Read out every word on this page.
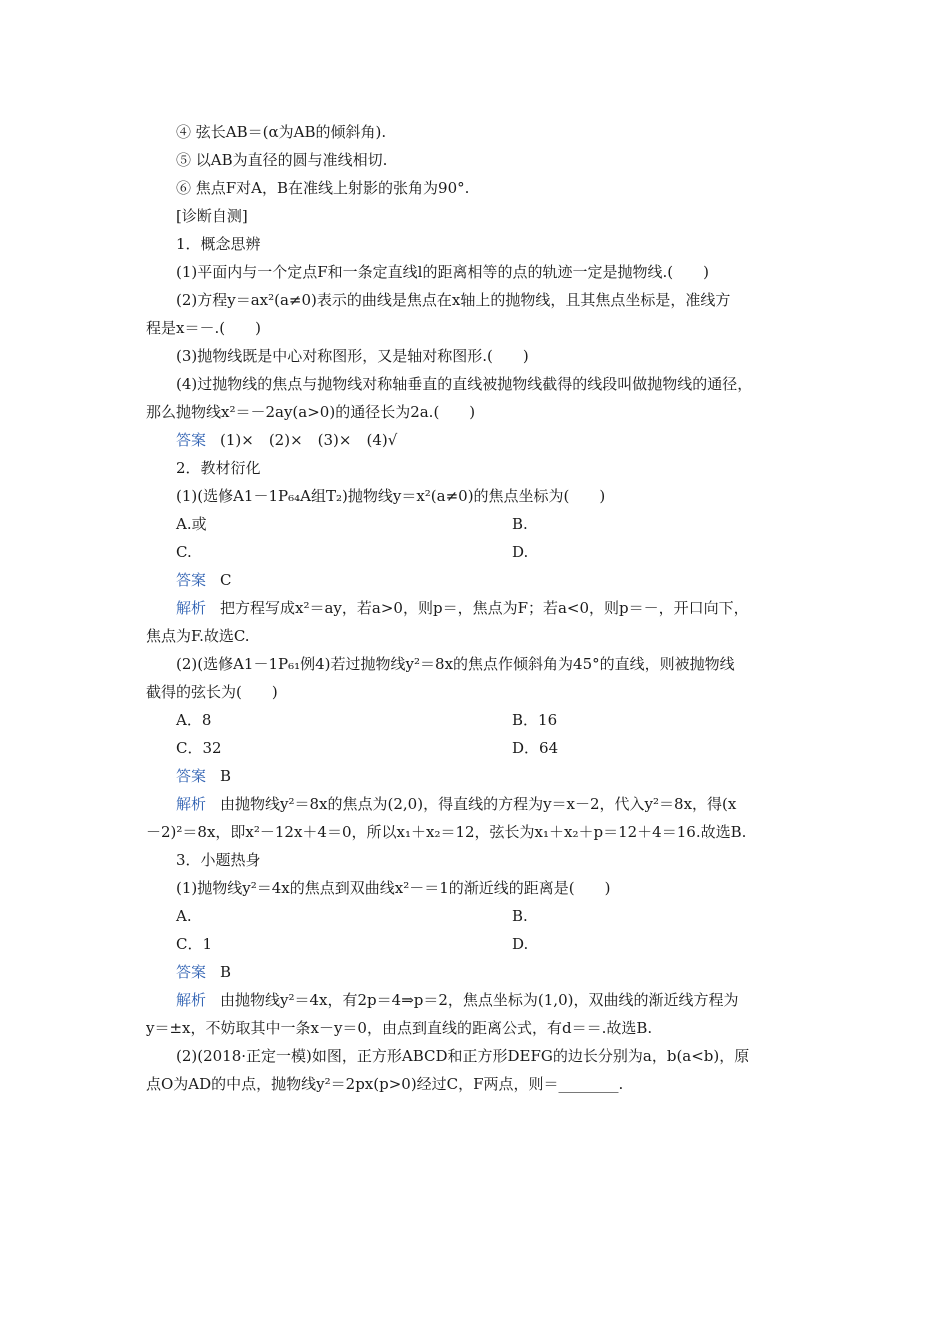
④ 弦长AB＝(α为AB的倾斜角).
⑤ 以AB为直径的圆与准线相切.
⑥ 焦点F对A，B在准线上射影的张角为90°.
[诊断自测]
1．概念思辨
(1)平面内与一个定点F和一条定直线l的距离相等的点的轨迹一定是抛物线.(　　)
(2)方程y＝ax²(a≠0)表示的曲线是焦点在x轴上的抛物线，且其焦点坐标是，准线方
程是x＝－.(　　)
(3)抛物线既是中心对称图形，又是轴对称图形.(　　)
(4)过抛物线的焦点与抛物线对称轴垂直的直线被抛物线截得的线段叫做抛物线的通径，
那么抛物线x²＝－2ay(a>0)的通径长为2a.(　　)
答案 (1)×　(2)×　(3)×　(4)√
2．教材衍化
(1)(选修A1－1P₆₄A组T₂)抛物线y＝x²(a≠0)的焦点坐标为(　　)
A.或	B.
C.	D.
答案 C
解析 把方程写成x²＝ay，若a>0，则p＝，焦点为F；若a<0，则p＝－，开口向下，
焦点为F.故选C.
(2)(选修A1－1P₆₁例4)若过抛物线y²＝8x的焦点作倾斜角为45°的直线，则被抛物线
截得的弦长为(　　)
A．8	B．16
C．32	D．64
答案 B
解析 由抛物线y²＝8x的焦点为(2,0)，得直线的方程为y＝x－2，代入y²＝8x，得(x
－2)²＝8x，即x²－12x＋4＝0，所以x₁＋x₂＝12，弦长为x₁＋x₂＋p＝12＋4＝16.故选B.
3．小题热身
(1)抛物线y²＝4x的焦点到双曲线x²－＝1的渐近线的距离是(　　)
A.	B.
C．1	D.
答案 B
解析 由抛物线y²＝4x，有2p＝4⇒p＝2，焦点坐标为(1,0)，双曲线的渐近线方程为
y＝±x，不妨取其中一条x－y＝0，由点到直线的距离公式，有d＝＝.故选B.
(2)(2018·正定一模)如图，正方形ABCD和正方形DEFG的边长分别为a，b(a<b)，原
点O为AD的中点，抛物线y²＝2px(p>0)经过C，F两点，则＝________.
